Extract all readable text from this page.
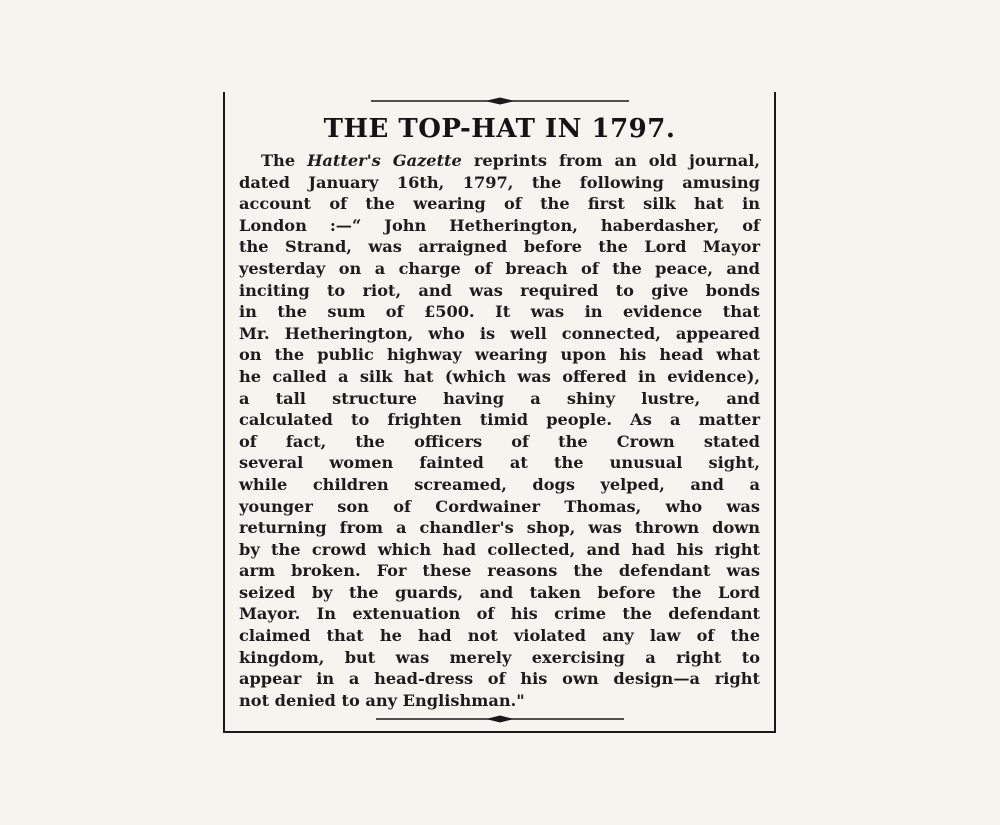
THE TOP-HAT IN 1797.
The Hatter's Gazette reprints from an old journal,
dated January 16th, 1797, the following amusing
account of the wearing of the first silk hat in
London :—“ John Hetherington, haberdasher, of
the Strand, was arraigned before the Lord Mayor
yesterday on a charge of breach of the peace, and
inciting to riot, and was required to give bonds
in the sum of £500. It was in evidence that
Mr. Hetherington, who is well connected, appeared
on the public highway wearing upon his head what
he called a silk hat (which was offered in evidence),
a tall structure having a shiny lustre, and
calculated to frighten timid people. As a matter
of fact, the officers of the Crown stated
several women fainted at the unusual sight,
while children screamed, dogs yelped, and a
younger son of Cordwainer Thomas, who was
returning from a chandler's shop, was thrown down
by the crowd which had collected, and had his right
arm broken. For these reasons the defendant was
seized by the guards, and taken before the Lord
Mayor. In extenuation of his crime the defendant
claimed that he had not violated any law of the
kingdom, but was merely exercising a right to
appear in a head-dress of his own design—a right
not denied to any Englishman."
